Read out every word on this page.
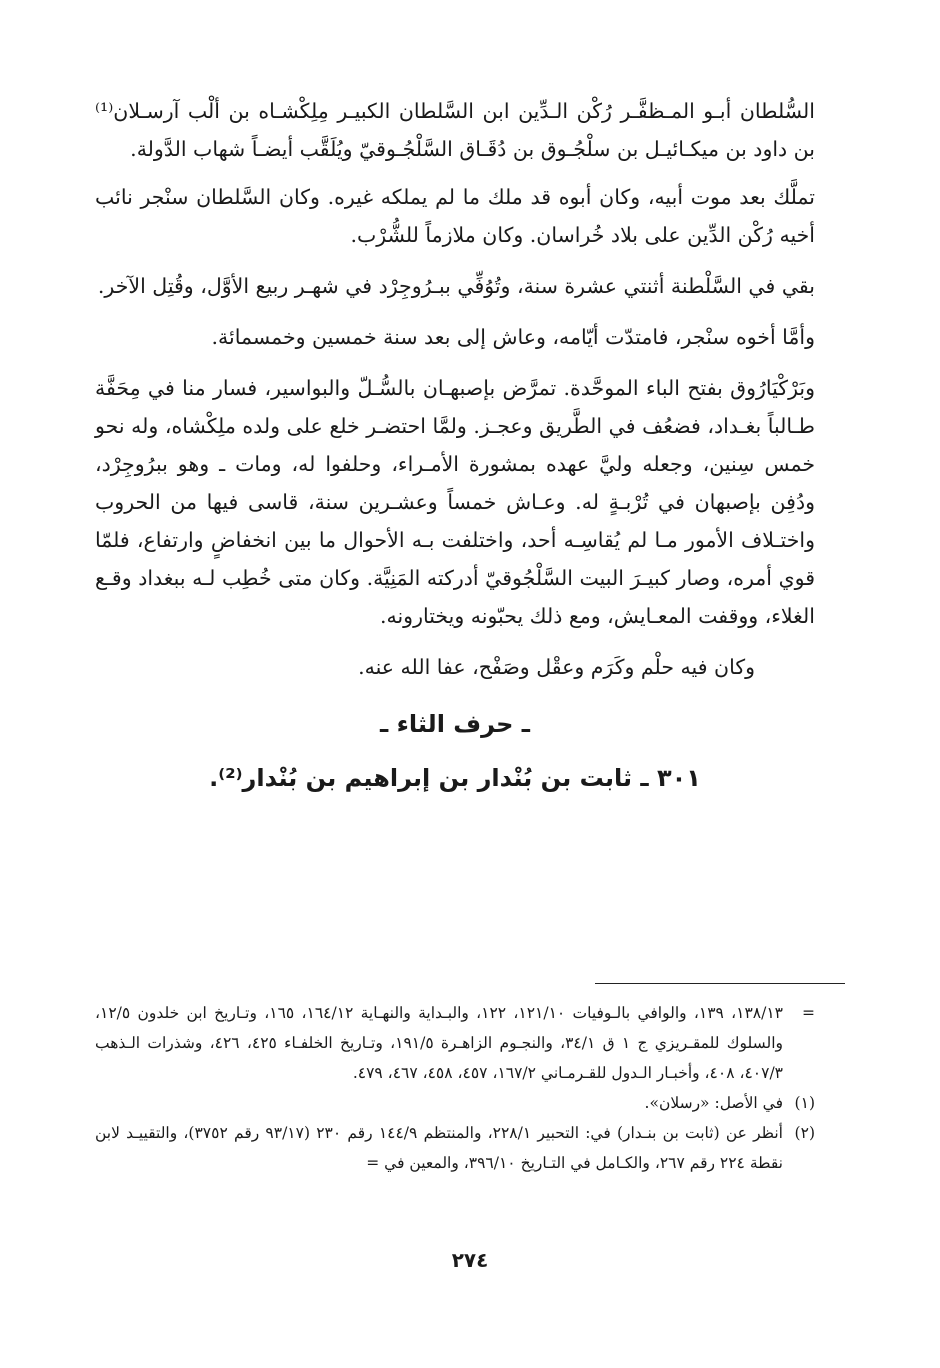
السُّلطان أبـو المـظفَّـر رُكْن الـدِّين ابن السَّلطان الكبيـر مِلِكْشـاه بن ألْب آرسـلان⁽¹⁾ بن داود بن ميكـائيـل بن سلْجُـوق بن دُقَـاق السَّلْجُـوقيّ ويُلَقَّب أيضـاً شهاب الدَّولة.

تملَّك بعد موت أبيه، وكان أبوه قد ملك ما لم يملكه غيره. وكان السَّلطان سنْجر نائب أخيه رُكْن الدِّين على بلاد خُراسان. وكان ملازماً للشُّرْب.

بقي في السَّلْطنة أثنتي عشرة سنة، وتُوُفِّي ببـرُوجِرْد في شهـر ربيع الأوَّل، وقُتِل الآخر.

وأمَّا أخوه سنْجر، فامتدّت أيّامه، وعاش إلى بعد سنة خمسين وخمسمائة.

وبَرْكْيَارُوق بفتح الباء الموحَّدة. تمرَّض بإصبهـان بالسُّـلّ والبواسير، فسار منا في مِحَفَّة طـالباً بغـداد، فضعُف في الطَّريق وعجـز. ولمَّا احتضـر خلع على ولده ملِكْشاه، وله نحو خمس سِنين، وجعله وليَّ عهده بمشورة الأمـراء، وحلفوا له، ومات ـ وهو ببرُوجِرْد، ودُفِن بإصبهان في تُرْبـةٍ له. وعـاش خمساً وعشـرين سنة، قاسى فيها من الحروب واختـلاف الأمور مـا لم يُقاسِـه أحد، واختلفت بـه الأحوال ما بين انخفاضٍ وارتفاع، فلمّا قوي أمره، وصار كبيـرَ البيت السَّلْجُوقيّ أدركته المَنِيَّة. وكان متى خُطِب لـه ببغداد وقـع الغلاء، ووقفت المعـايش، ومع ذلك يحبّونه ويختارونه.

وكان فيه حلْم وكَرَم وعقْل وصَفْح، عفا الله عنه.

ـ حرف الثاء ـ
٣٠١ ـ ثابت بن بُنْدار بن إبراهيم بن بُنْدار⁽²⁾.
=
١٣٨/١٣، ١٣٩، والوافي بالـوفيات ١٢١/١٠، ١٢٢، والبـداية والنهـاية ١٦٤/١٢، ١٦٥، وتـاريخ ابن خلدون ١٢/٥، والسلوك للمقـريزي ج ١ ق ٣٤/١، والنجـوم الزاهـرة ١٩١/٥، وتـاريخ الخلفـاء ٤٢٥، ٤٢٦، وشذرات الـذهب ٤٠٧/٣، ٤٠٨، وأخبـار الـدول للقـرمـاني ١٦٧/٢، ٤٥٧، ٤٥٨، ٤٦٧، ٤٧٩.
(١)
في الأصل: «رسلان».
(٢)
أنظر عن (ثابت بن بنـدار) في: التحبير ٢٢٨/١، والمنتظم ١٤٤/٩ رقم ٢٣٠ (٩٣/١٧ رقم ٣٧٥٢)، والتقييـد لابن نقطة ٢٢٤ رقم ٢٦٧، والكـامل في التـاريخ ٣٩٦/١٠، والمعين في =
٢٧٤
